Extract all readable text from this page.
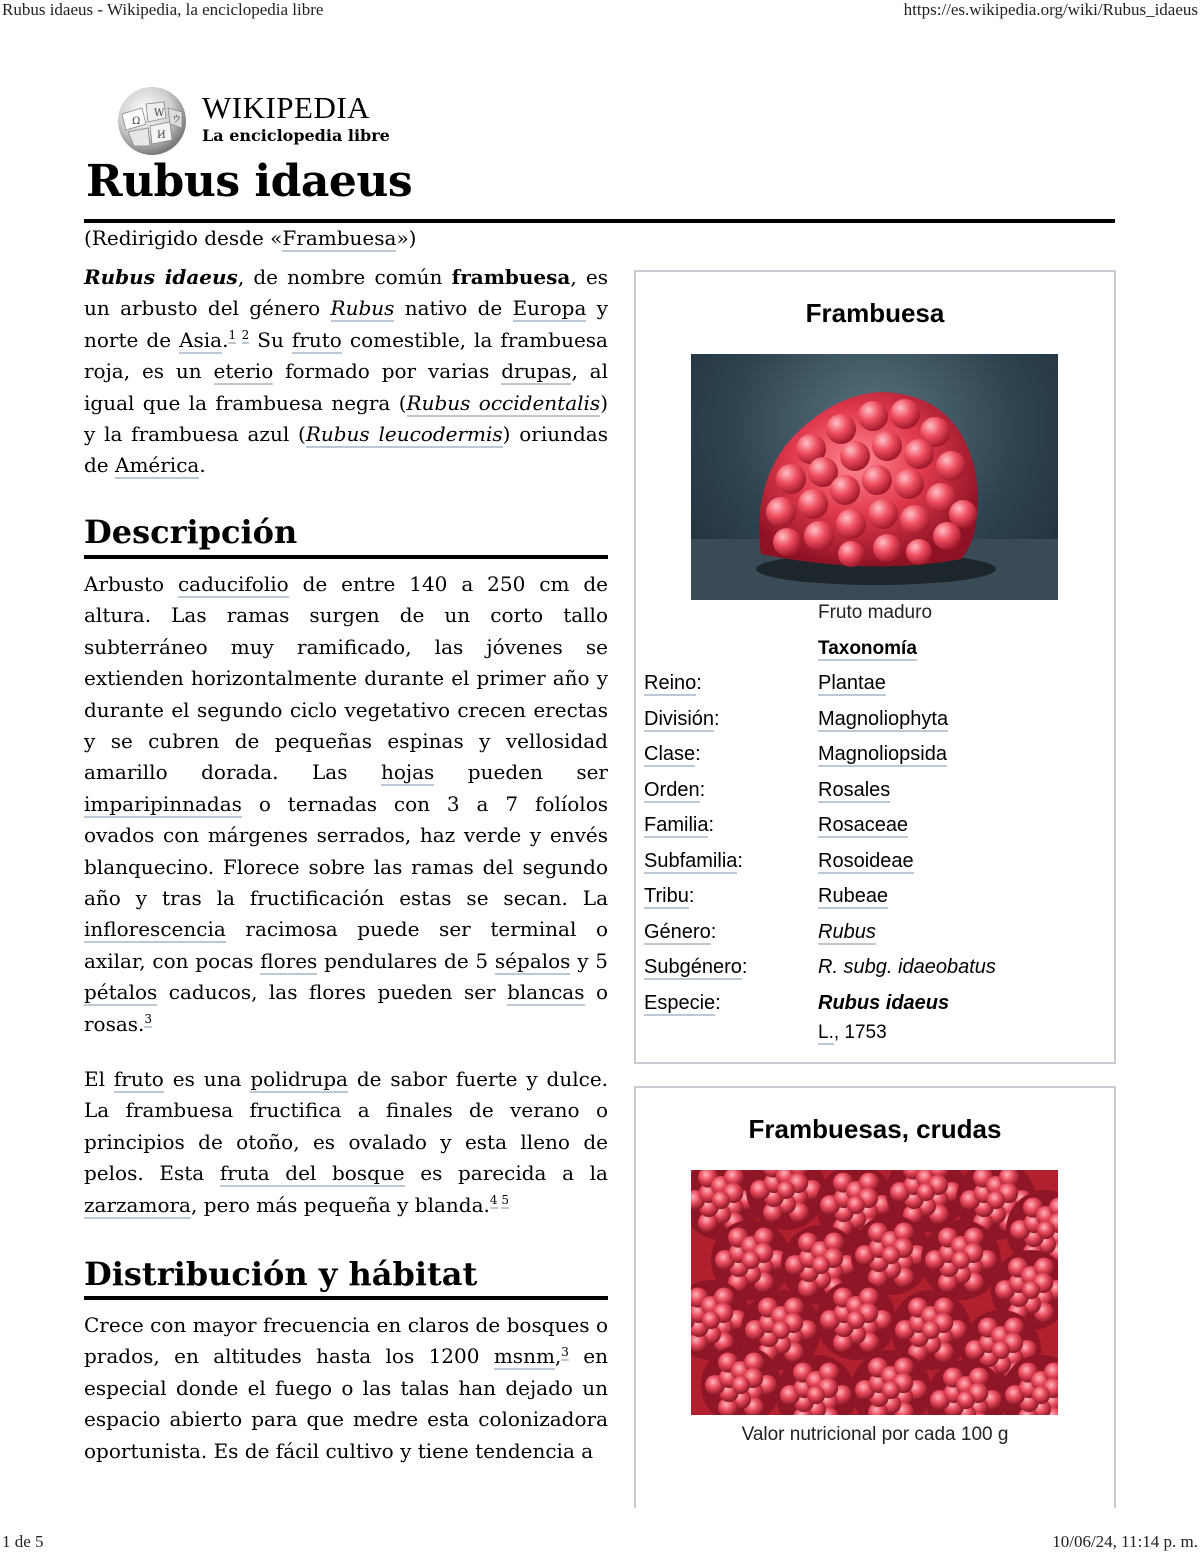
Rubus idaeus - Wikipedia, la enciclopedia libre	https://es.wikipedia.org/wiki/Rubus_idaeus
1 de 5	10/06/24, 11:14 p. m.
Ω
W
И
ウ WIKIPEDIA
La enciclopedia libre
Rubus idaeus
(Redirigido desde «Frambuesa»)

Rubus idaeus, de nombre común frambuesa, es un arbusto del género Rubus nativo de Europa y norte de Asia.$^{1 2}$ Su fruto comestible, la frambuesa roja, es un eterio formado por varias drupas, al igual que la frambuesa negra (Rubus occidentalis) y la frambuesa azul (Rubus leucodermis) oriundas de América.

Descripción

Arbusto caducifolio de entre 140 a 250 cm de altura. Las ramas surgen de un corto tallo subterráneo muy ramificado, las jóvenes se extienden horizontalmente durante el primer año y durante el segundo ciclo vegetativo crecen erectas y se cubren de pequeñas espinas y vellosidad amarillo dorada. Las hojas pueden ser imparipinnadas o ternadas con 3 a 7 folíolos ovados con márgenes serrados, haz verde y envés blanquecino. Florece sobre las ramas del segundo año y tras la fructificación estas se secan. La inflorescencia racimosa puede ser terminal o axilar, con pocas flores pendulares de 5 sépalos y 5 pétalos caducos, las flores pueden ser blancas o rosas.$^3$

El fruto es una polidrupa de sabor fuerte y dulce. La frambuesa fructifica a finales de verano o principios de otoño, es ovalado y esta lleno de pelos. Esta fruta del bosque es parecida a la zarzamora, pero más pequeña y blanda.$^{4 5}$

Distribución y hábitat

Crece con mayor frecuencia en claros de bosques o prados, en altitudes hasta los 1200 msnm,$^3$ en especial donde el fuego o las talas han dejado un espacio abierto para que medre esta colonizadora oportunista. Es de fácil cultivo y tiene tendencia a

Frambuesa
Fruto maduro
Taxonomía
Reino:	Plantae
División:	Magnoliophyta
Clase:	Magnoliopsida
Orden:	Rosales
Familia:	Rosaceae
Subfamilia:	Rosoideae
Tribu:	Rubeae
Género:	Rubus
Subgénero:	R. subg. idaeobatus
Especie:	Rubus idaeus
L., 1753
Frambuesas, crudas
Valor nutricional por cada 100 g
